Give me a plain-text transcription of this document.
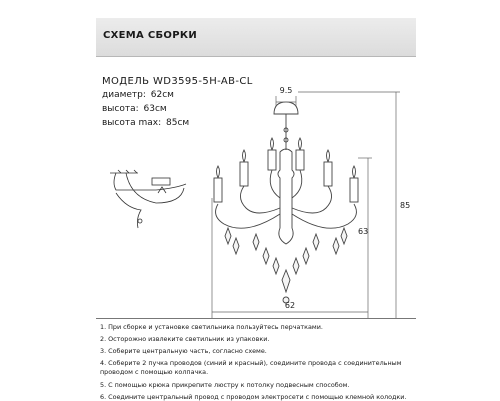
СХЕМА СБОРКИ
МОДЕЛЬ WD3595-5H-AB-CL
диаметр: 62см
высота: 63см
высота max: 85см
9.5
85
63
62
1. При сборке и установке светильника пользуйтесь перчатками.
2. Осторожно извлеките светильник из упаковки.
3. Соберите центральную часть, согласно схеме.
4. Соберите 2 пучка проводов (синий и красный), соедините провода с соединительным
проводом с помощью колпачка.
5. С помощью крюка прикрепите люстру к потолку подвесным способом.
6. Соедините центральный провод с проводом электросети с помощью клемной колодки.
